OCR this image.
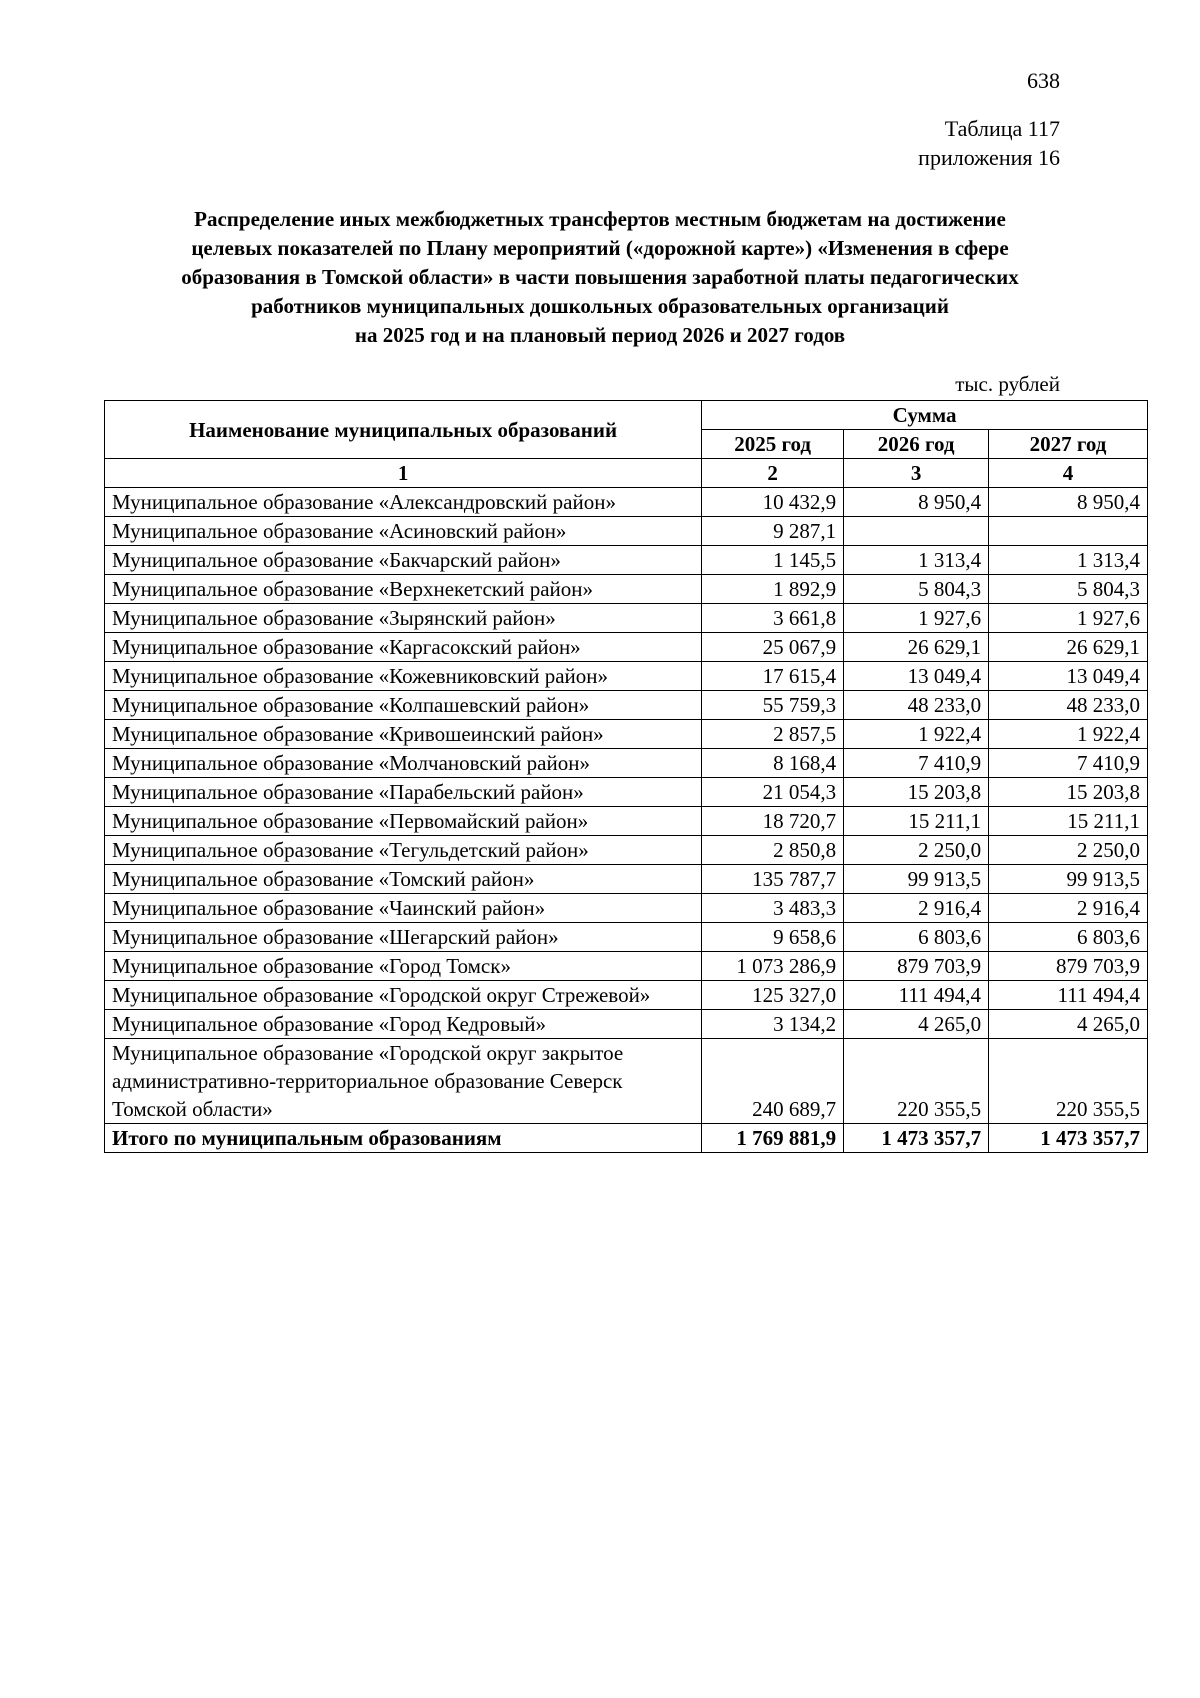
638
Таблица 117
приложения 16
Распределение иных межбюджетных трансфертов местным бюджетам на достижение
целевых показателей по Плану мероприятий («дорожной карте») «Изменения в сфере
образования в Томской области» в части повышения заработной платы педагогических
работников муниципальных дошкольных образовательных организаций
на 2025 год и на плановый период 2026 и 2027 годов
тыс. рублей
Наименование муниципальных образований	Сумма		
	2025 год	2026 год	2027 год
1	2	3	4
Муниципальное образование «Александровский район»	10 432,9	8 950,4	8 950,4
Муниципальное образование «Асиновский район»	9 287,1		
Муниципальное образование «Бакчарский район»	1 145,5	1 313,4	1 313,4
Муниципальное образование «Верхнекетский район»	1 892,9	5 804,3	5 804,3
Муниципальное образование «Зырянский район»	3 661,8	1 927,6	1 927,6
Муниципальное образование «Каргасокский район»	25 067,9	26 629,1	26 629,1
Муниципальное образование «Кожевниковский район»	17 615,4	13 049,4	13 049,4
Муниципальное образование «Колпашевский район»	55 759,3	48 233,0	48 233,0
Муниципальное образование «Кривошеинский район»	2 857,5	1 922,4	1 922,4
Муниципальное образование «Молчановский район»	8 168,4	7 410,9	7 410,9
Муниципальное образование «Парабельский район»	21 054,3	15 203,8	15 203,8
Муниципальное образование «Первомайский район»	18 720,7	15 211,1	15 211,1
Муниципальное образование «Тегульдетский район»	2 850,8	2 250,0	2 250,0
Муниципальное образование «Томский район»	135 787,7	99 913,5	99 913,5
Муниципальное образование «Чаинский район»	3 483,3	2 916,4	2 916,4
Муниципальное образование «Шегарский район»	9 658,6	6 803,6	6 803,6
Муниципальное образование «Город Томск»	1 073 286,9	879 703,9	879 703,9
Муниципальное образование «Городской округ Стрежевой»	125 327,0	111 494,4	111 494,4
Муниципальное образование «Город Кедровый»	3 134,2	4 265,0	4 265,0
Муниципальное образование «Городской округ закрытое административно-территориальное образование Северск Томской области»	240 689,7	220 355,5	220 355,5
Итого по муниципальным образованиям	1 769 881,9	1 473 357,7	1 473 357,7
